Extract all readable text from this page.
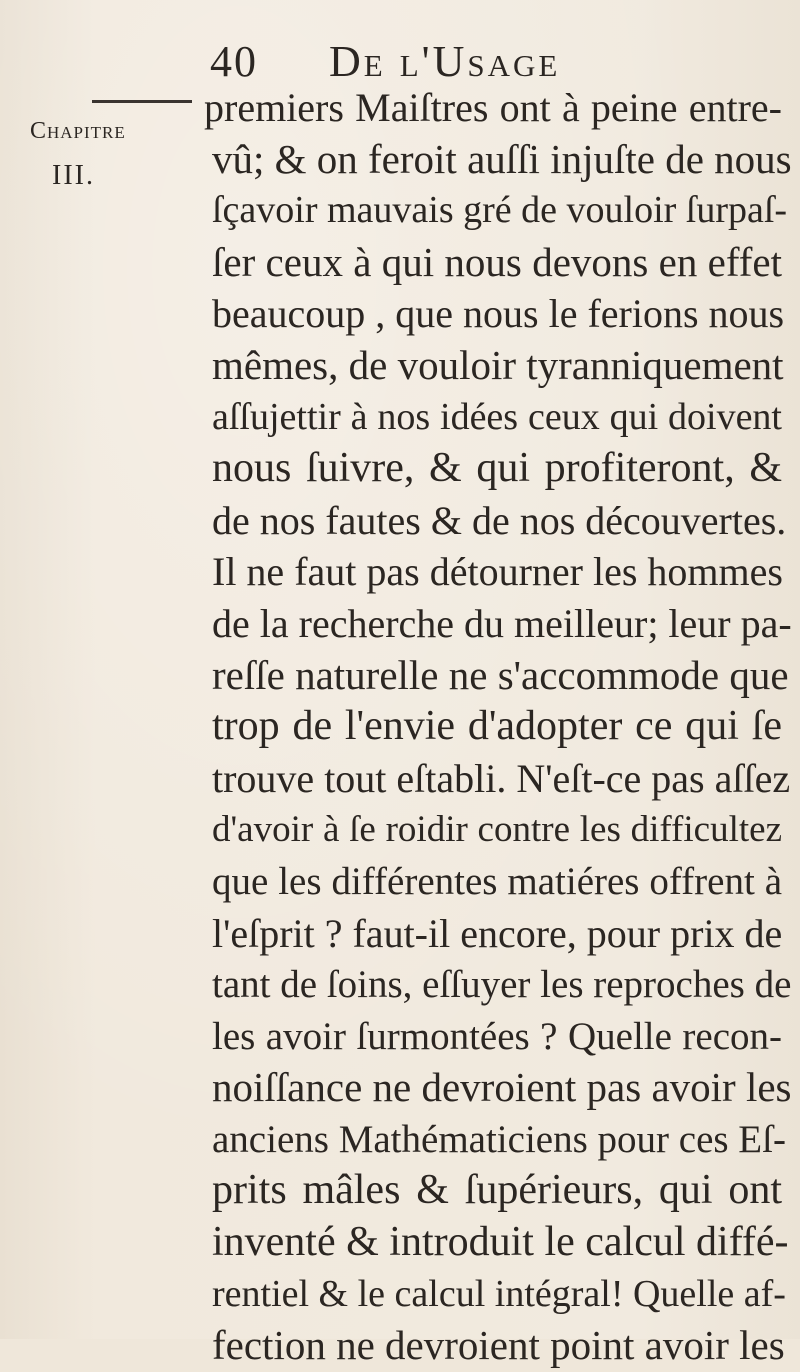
40 De l'Usage
Chapitre
III.
premiers Maiſtres ont à peine entre-
vû; & on feroit auſſi injuſte de nous
ſçavoir mauvais gré de vouloir ſurpaſ-
ſer ceux à qui nous devons en effet
beaucoup , que nous le ferions nous
mêmes, de vouloir tyranniquement
aſſujettir à nos idées ceux qui doivent
nous ſuivre, & qui profiteront, &
de nos fautes & de nos découvertes.
Il ne faut pas détourner les hommes
de la recherche du meilleur; leur pa-
reſſe naturelle ne s'accommode que
trop de l'envie d'adopter ce qui ſe
trouve tout eſtabli. N'eſt-ce pas aſſez
d'avoir à ſe roidir contre les difficultez
que les différentes matiéres offrent à
l'eſprit ? faut-il encore, pour prix de
tant de ſoins, eſſuyer les reproches de
les avoir ſurmontées ? Quelle recon-
noiſſance ne devroient pas avoir les
anciens Mathématiciens pour ces Eſ-
prits mâles & ſupérieurs, qui ont
inventé & introduit le calcul diffé-
rentiel & le calcul intégral! Quelle af-
fection ne devroient point avoir les
